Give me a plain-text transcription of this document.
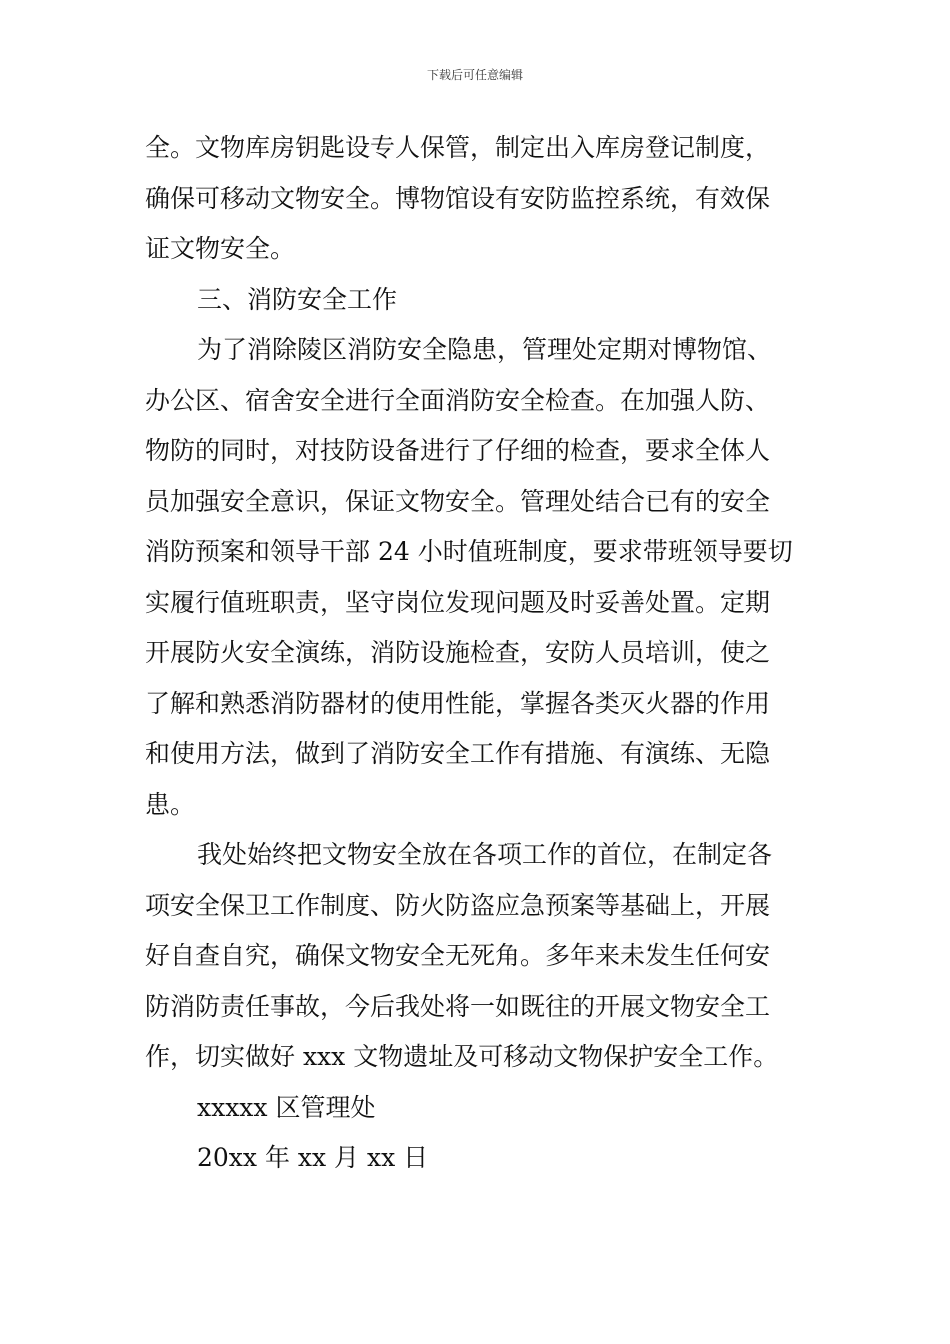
下载后可任意编辑

全。文物库房钥匙设专人保管，制定出入库房登记制度，
确保可移动文物安全。博物馆设有安防监控系统，有效保
证文物安全。

三、消防安全工作

为了消除陵区消防安全隐患，管理处定期对博物馆、
办公区、宿舍安全进行全面消防安全检查。在加强人防、
物防的同时，对技防设备进行了仔细的检查，要求全体人
员加强安全意识，保证文物安全。管理处结合已有的安全
消防预案和领导干部 24 小时值班制度，要求带班领导要切
实履行值班职责，坚守岗位发现问题及时妥善处置。定期
开展防火安全演练，消防设施检查，安防人员培训，使之
了解和熟悉消防器材的使用性能，掌握各类灭火器的作用
和使用方法，做到了消防安全工作有措施、有演练、无隐
患。

我处始终把文物安全放在各项工作的首位，在制定各
项安全保卫工作制度、防火防盗应急预案等基础上，开展
好自查自究，确保文物安全无死角。多年来未发生任何安
防消防责任事故，今后我处将一如既往的开展文物安全工
作，切实做好 xxx 文物遗址及可移动文物保护安全工作。

xxxxx 区管理处

20xx 年 xx 月 xx 日
